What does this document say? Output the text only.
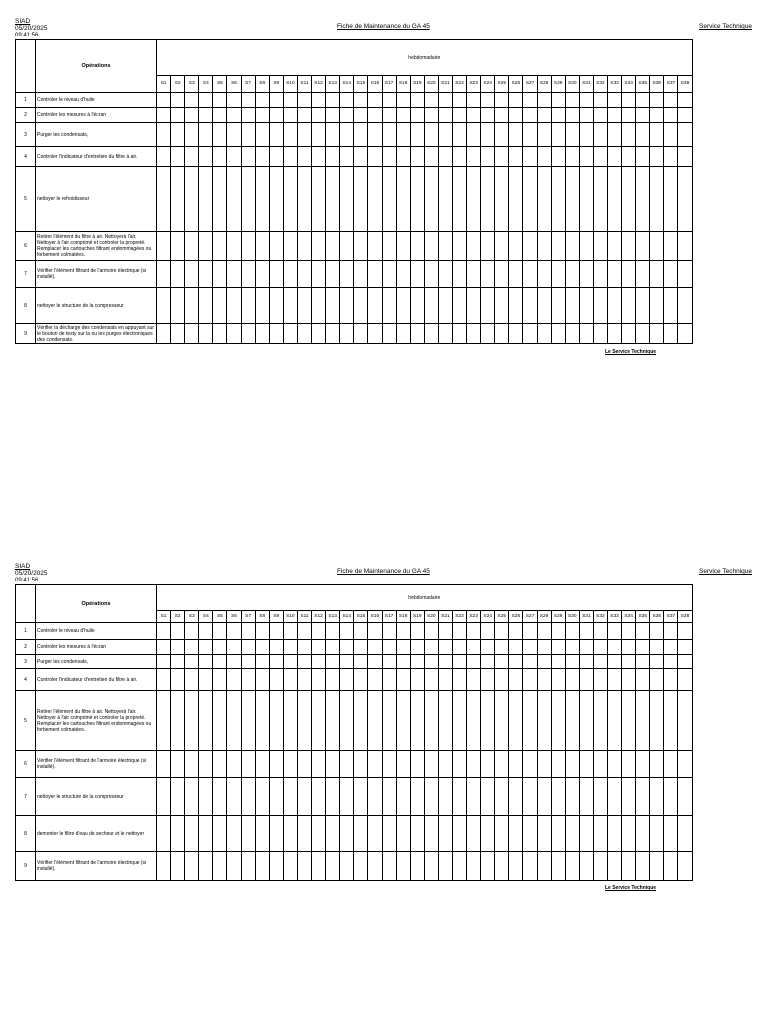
SIAD
05/20/2025
09:41:56
Fiche de Maintenance du GA 45	Service Technique
	Opérations	hebdomadaire																																					
		S1	S2	S3	S4	S5	S6	S7	S8	S9	S10	S11	S12	S13	S14	S15	S16	S17	S18	S19	S20	S21	S22	S23	S24	S25	S26	S27	S28	S29	S30	S31	S32	S33	S34	S35	S36	S37	S38
1	Controler le niveau d'huile																																						
2	Controler les mesures à l'écran																																						
3	Purger les condensats,																																						
4	Controler l'indicateur d'entretien du filtre à air.																																						
5	nettoyer le refroidisseur																																						
6	Retirer l'élément du filtre à air. Nettoyerà l'air. Nettoyer à l'air comprimé et controler la propreté. Remplacer les cartouches filtrant endommagées ou forbement colmatées.																																						
7	Vérifier l'élément filtrant de l'armoire électrique (si installé).																																						
8	nettoyer le structure de la compresseur																																						
9	Vérifier la décharge des condensats en appuyant sur le bouton de testy sur la ou les purges électroniques des condensats.																																						
Le Service Technique
SIAD
05/20/2025
09:41:56
Fiche de Maintenance du GA 45	Service Technique
	Opérations	hebdomadaire																																					
		S1	S2	S3	S4	S5	S6	S7	S8	S9	S10	S11	S12	S13	S14	S15	S16	S17	S18	S19	S20	S21	S22	S23	S24	S25	S26	S27	S28	S29	S30	S31	S32	S33	S34	S35	S36	S37	S38
1	Controler le niveau d'huile																																						
2	Controler les mesures à l'écran																																						
3	Purger les condensats,																																						
4	Controler l'indicateur d'entretien du filtre à air.																																						
5	Retirer l'élément du filtre à air. Nettoyerà l'air. Nettoyer à l'air comprimé et controler la propreté. Remplacer les cartouches filtrant endommagées ou forbement colmatées.																																						
6	Vérifier l'élément filtrant de l'armoire électrique (si installé).																																						
7	nettoyer le structure de la compresseur																																						
8	demonter le filtre d'eau de secheur et le nettoyer																																						
9	Vérifier l'élément filtrant de l'armoire électrique (si installé).																																						
Le Service Technique
